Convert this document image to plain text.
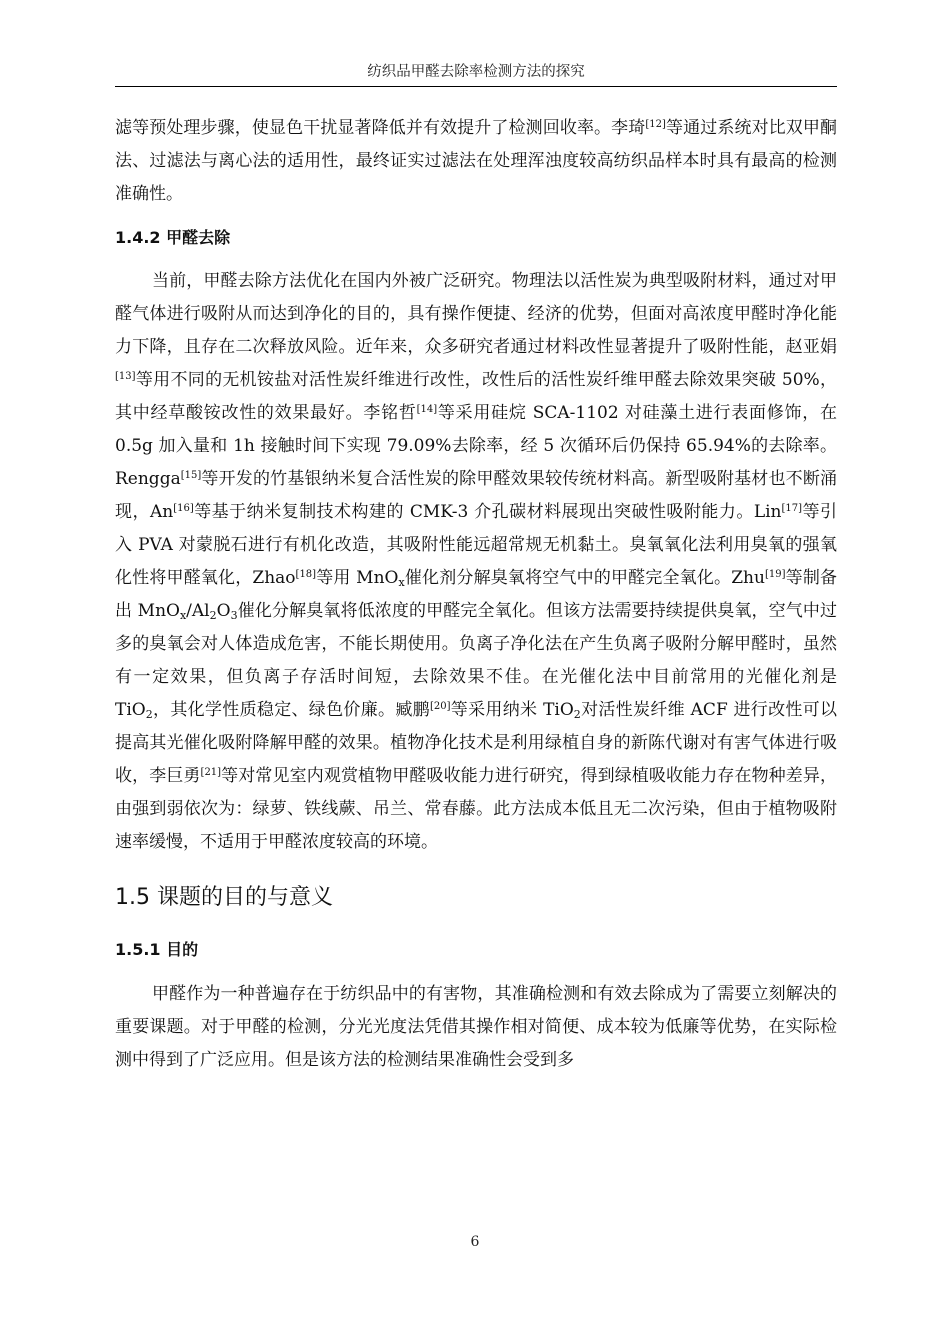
纺织品甲醛去除率检测方法的探究

滤等预处理步骤，使显色干扰显著降低并有效提升了检测回收率。李琦[12]等通过系统对比双甲酮法、过滤法与离心法的适用性，最终证实过滤法在处理浑浊度较高纺织品样本时具有最高的检测准确性。

1.4.2 甲醛去除

当前，甲醛去除方法优化在国内外被广泛研究。物理法以活性炭为典型吸附材料，通过对甲醛气体进行吸附从而达到净化的目的，具有操作便捷、经济的优势，但面对高浓度甲醛时净化能力下降，且存在二次释放风险。近年来，众多研究者通过材料改性显著提升了吸附性能，赵亚娟[13]等用不同的无机铵盐对活性炭纤维进行改性，改性后的活性炭纤维甲醛去除效果突破 50%，其中经草酸铵改性的效果最好。李铭哲[14]等采用硅烷 SCA-1102 对硅藻土进行表面修饰，在 0.5g 加入量和 1h 接触时间下实现 79.09%去除率，经 5 次循环后仍保持 65.94%的去除率。Rengga[15]等开发的竹基银纳米复合活性炭的除甲醛效果较传统材料高。新型吸附基材也不断涌现，An[16]等基于纳米复制技术构建的 CMK-3 介孔碳材料展现出突破性吸附能力。Lin[17]等引入 PVA 对蒙脱石进行有机化改造，其吸附性能远超常规无机黏土。臭氧氧化法利用臭氧的强氧化性将甲醛氧化，Zhao[18]等用 MnO$_x$催化剂分解臭氧将空气中的甲醛完全氧化。Zhu[19]等制备出 $MnO_x/Al_2O_3$催化分解臭氧将低浓度的甲醛完全氧化。但该方法需要持续提供臭氧，空气中过多的臭氧会对人体造成危害，不能长期使用。负离子净化法在产生负离子吸附分解甲醛时，虽然有一定效果，但负离子存活时间短，去除效果不佳。在光催化法中目前常用的光催化剂是 TiO$_2$，其化学性质稳定、绿色价廉。臧鹏[20]等采用纳米 TiO$_2$对活性炭纤维 ACF 进行改性可以提高其光催化吸附降解甲醛的效果。植物净化技术是利用绿植自身的新陈代谢对有害气体进行吸收，李巨勇[21]等对常见室内观赏植物甲醛吸收能力进行研究，得到绿植吸收能力存在物种差异，由强到弱依次为：绿萝、铁线蕨、吊兰、常春藤。此方法成本低且无二次污染，但由于植物吸附速率缓慢，不适用于甲醛浓度较高的环境。

1.5 课题的目的与意义
1.5.1 目的

甲醛作为一种普遍存在于纺织品中的有害物，其准确检测和有效去除成为了需要立刻解决的重要课题。对于甲醛的检测，分光光度法凭借其操作相对简便、成本较为低廉等优势，在实际检测中得到了广泛应用。但是该方法的检测结果准确性会受到多

6
